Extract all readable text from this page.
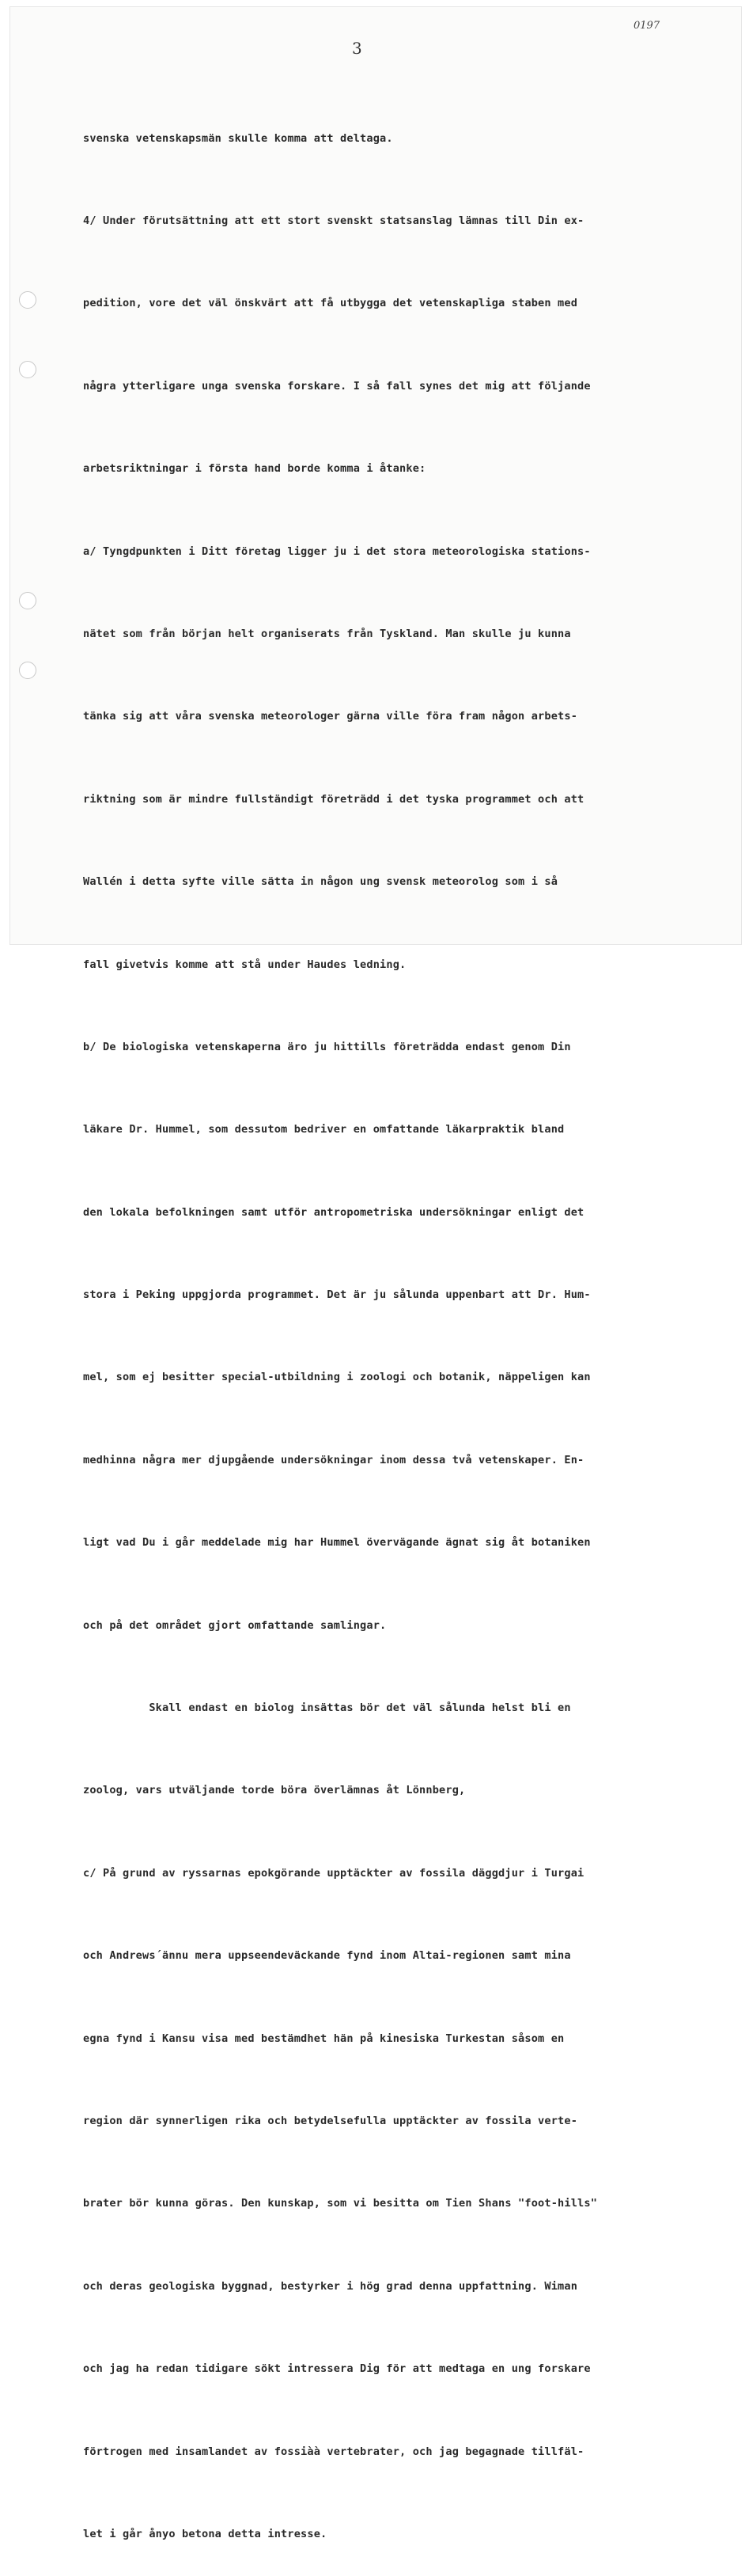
0197
3

svenska vetenskapsmän skulle komma att deltaga.

4/ Under förutsättning att ett stort svenskt statsanslag lämnas till Din ex-

pedition, vore det väl önskvärt att få utbygga det vetenskapliga staben med

några ytterligare unga svenska forskare. I så fall synes det mig att följande

arbetsriktningar i första hand borde komma i åtanke:

a/ Tyngdpunkten i Ditt företag ligger ju i det stora meteorologiska stations-

nätet som från början helt organiserats från Tyskland. Man skulle ju kunna

tänka sig att våra svenska meteorologer gärna ville föra fram någon arbets-

riktning som är mindre fullständigt företrädd i det tyska programmet och att

Wallén i detta syfte ville sätta in någon ung svensk meteorolog som i så

fall givetvis komme att stå under Haudes ledning.

b/ De biologiska vetenskaperna äro ju hittills företrädda endast genom Din

läkare Dr. Hummel, som dessutom bedriver en omfattande läkarpraktik bland

den lokala befolkningen samt utför antropometriska undersökningar enligt det

stora i Peking uppgjorda programmet. Det är ju sålunda uppenbart att Dr. Hum-

mel, som ej besitter special-utbildning i zoologi och botanik, näppeligen kan

medhinna några mer djupgående undersökningar inom dessa två vetenskaper. En-

ligt vad Du i går meddelade mig har Hummel övervägande ägnat sig åt botaniken

och på det området gjort omfattande samlingar.

Skall endast en biolog insättas bör det väl sålunda helst bli en

zoolog, vars utväljande torde böra överlämnas åt Lönnberg,

c/ På grund av ryssarnas epokgörande upptäckter av fossila däggdjur i Turgai

och Andrews´ännu mera uppseendeväckande fynd inom Altai-regionen samt mina

egna fynd i Kansu visa med bestämdhet hän på kinesiska Turkestan såsom en

region där synnerligen rika och betydelsefulla upptäckter av fossila verte-

brater bör kunna göras. Den kunskap, som vi besitta om Tien Shans "foot-hills"

och deras geologiska byggnad, bestyrker i hög grad denna uppfattning. Wiman

och jag ha redan tidigare sökt intressera Dig för att medtaga en ung forskare

förtrogen med insamlandet av fossiàà vertebrater, och jag begagnade tillfäl-

let i går ånyo betona detta intresse.
